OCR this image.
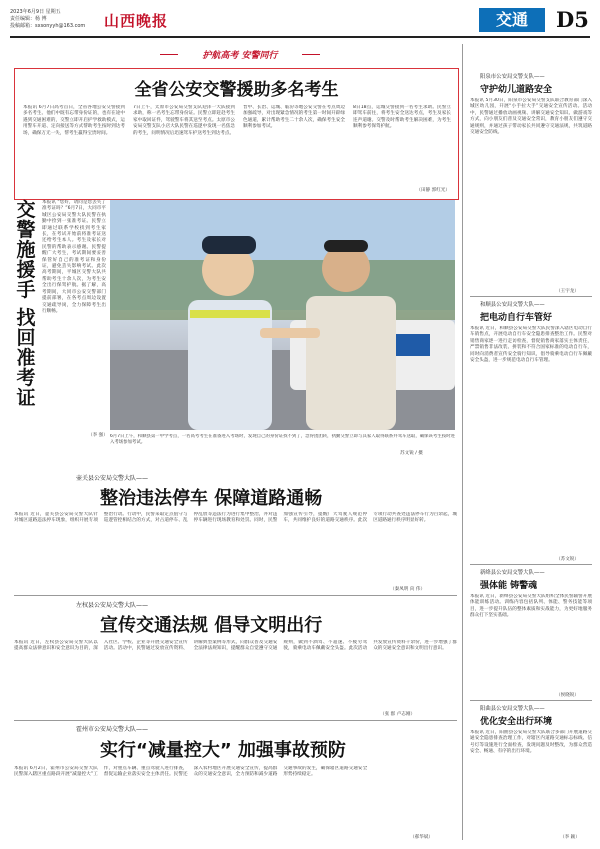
2023年6月9日 星期五
责任编辑：杨 博
投稿邮箱：sxsonyyh@163.com 山西晚报	交通	D5
护航高考 安警同行
全省公安交警援助多名考生
本报讯 6月7日高考首日，全省各地公安交警接到多名考生、他们中既有忘带身份证的，也有在途中遇到交通困难的，交警立即开启护学救助模式，运用警车开道、定向接送等方式帮助考生按时到达考场，确保万无一失，帮考生赢得宝贵时间。
7日上午，太原市公安局交警支队迎泽一大队接到求助，称一名考生忘带身份证。民警立即赶赴考生家中取回证件，驾驶警车将其送至考点。太原市公安局交警支队小店大队民警在巡逻中发现一名焦急的考生，问明情况后迅速驾车护送考生到达考点。
晋中、长治、运城、临汾等地公安交警在考点周边加强疏导，对出现紧急情况的考生第一时间开辟绿色通道，累计帮助考生二十余人次，确保考生安全顺利参加考试。
8日18点，运城交警接到一名考生求助。民警立即驾车前往，将考生安全送达考点，考生及家长连声道谢。交警及时帮助考生解决困难，为考生顺利参考保驾护航。
（田静 郭红光）
交
警
施
援
手
找
回
准
考
证
本报讯 “您好，请问是您丢失了准考证吗？”6月7日，大同市平城区公安局交警大队民警在执勤中捡到一张准考证。民警立即通过联系学校找到考生家长，在考试开始前将准考证送还给考生本人。考生及家长对民警的帮助表示感谢。民警提醒广大考生，考试期间要妥善保管好自己的准考证和身份证，避免丢失影响考试。此次高考期间，平城区交警大队共帮助考生十余人次，为考生安全出行保驾护航。据了解，高考期间，大同市公安交警部门提前部署，在各考点周边设置交通疏导岗，全力保障考生出行顺畅。
（李 强） 6月7日上午，和顺县第一中学考点，一名高考考生在准备进入考场时，发现自己的身份证找不到了，急得团团转，执勤交警立即与其家人取得联系并驾车送取，确保该考生按时进入考场参加考试。
苏文锐 / 摄
壶关县公安局交警大队——
整治违法停车 保障道路通畅
本报讯 近日，壶关县公安局交警大队针对城区道路违法停车现象，组织开展专项整治行动。行动中，民警采取定点值守与巡逻管控相结合的方式，对占道停车、乱停乱放等违法行为进行集中整治，并对违停车辆进行现场教育和处罚。同时，民警加强宣传引导，提醒广大驾驶人规范停车，共同维护良好的道路交通秩序。此次专项行动共查处违法停车行为百余起，城区道路通行秩序明显好转。
（秦凤明 向 伟）
左权县公安局交警大队——
宣传交通法规 倡导文明出行
本报讯 近日，左权县公安局交警大队以提高群众法律意识和安全意识为目的，深入社区、学校、企业等开展交通安全宣传活动。活动中，民警通过发放宣传资料、讲解典型案例等形式，向群众普及交通安全法律法规知识，提醒群众自觉遵守交通规则，做到不酒驾、不超速、不疲劳驾驶，骑乘电动车佩戴安全头盔。此次活动共发放宣传资料千余份，进一步增强了群众的交通安全意识和文明出行意识。
（张 群 卢志刚）
霍州市公安局交警大队——
实行“减量控大” 加强事故预防
本报讯 6月2日，霍州市公安局交警大队民警深入辖区重点路段开展“减量控大”工作，对重点车辆、重点驾驶人进行排查，督促运输企业落实安全主体责任。民警还深入农村地区开展交通安全宣传，提高群众的交通安全意识，全力预防和减少道路交通事故的发生，确保辖区道路交通安全形势持续稳定。
（郝华斌）
阳泉市公安局交警支队——
守护幼儿道路安全
本报讯 5月30日，阳泉市公安局交警支队联合教育部门深入城区幼儿园，开展“小手拉大手”交通安全宣传活动。活动中，民警通过播放动画视频、讲解交通安全知识、做游戏等方式，向小朋友们普及交通安全常识，教育小朋友们遵守交通规则，并通过孩子带动家长共同遵守交通法规，共筑道路交通安全防线。
（王宇龙）
和顺县公安局交警大队——
把电动自行车管好
本报讯 近日，和顺县公安局交警大队民警深入辖区电动自行车销售点，开展电动自行车安全隐患排查整治工作。民警对销售商家逐一进行走访检查，督促销售商家落实主体责任，严禁销售非法改装、拼装和不符合国家标准的电动自行车，同时向消费者宣传安全骑行知识，倡导骑乘电动自行车佩戴安全头盔，进一步规范电动自行车管理。
（苏文锐）
新绛县公安局交警大队——
强体能 铸警魂
本报讯 近日，新绛县公安局交警大队组织全体民警辅警开展体能训练活动。训练内容包括队列、体能、警务技能等项目，进一步提升队伍的整体素质和实战能力，为更好地服务群众打下坚实基础。
（侯晓锐）
阳曲县公安局交警大队——
优化安全出行环境
本报讯 近日，阳曲县公安局交警大队联合多部门开展道路交通安全隐患排查治理工作，对辖区内道路交通标志标线、信号灯等设施进行全面检查，发现问题及时整改，为群众营造安全、畅通、有序的出行环境。
（李 颖）
